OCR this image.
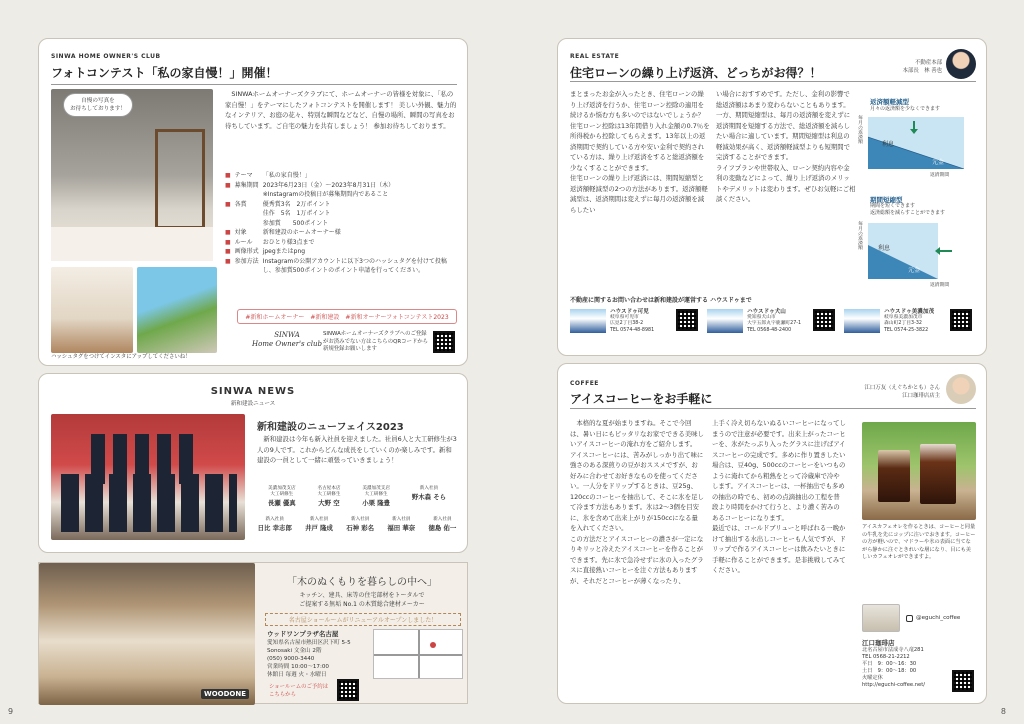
SINWA HOME OWNER'S CLUB
フォトコンテスト「私の家自慢！」開催！
自慢の写真を
お待ちしております！
ハッシュタグをつけてインスタにアップしてくださいね！
SINWAホームオーナーズクラブにて、ホームオーナーの皆様を対象に、「私の家自慢！」をテーマにしたフォトコンテストを開催します！ 美しい外観、魅力的なインテリア、お庭の花々、特別な瞬間などなど、自慢の場所、瞬間の写真をお待ちしています。ご自宅の魅力を共有しましょう！ 参加お待ちしております。
■	テーマ	「私の家自慢！」
■	募集期間	2023年6月23日（金）～2023年8月31日（木）
※Instagramの投稿日が募集期間内であること
■	各賞	優秀賞3名　2万ポイント
佳作　5名　1万ポイント
参加賞　　500ポイント
■	対象	新和建設のホームオーナー様
■	ルール	おひとり様3点まで
■	画像形式	jpegまたはpng
■	参加方法	Instagramの公開アカウントに以下3つのハッシュタグを付けて投稿し、参加賞500ポイントのポイント申請を行ってください。
#新和ホームオーナー　#新和建設　#新和オーナーフォトコンテスト2023
SINWA
Home Owner's club
SINWAホームオーナーズクラブへのご登録がお済みでない方はこちらのQRコードから新規登録お願いします
SINWA NEWS
新和建設ニュース
新和建設のニューフェイス2023
新和建設は今年も新入社員を迎えました。社員6人と大工研修生が3人の9人です。これからどんな成長をしていくのか楽しみです。新和建設の一員として一緒に頑張っていきましょう！
美濃加茂支店
大工研修生
長瀬 優真
名古屋本店
大工研修生
大野 空
美濃加茂支店
大工研修生
小栗 隆豊
新入社員
野木森 そら
新入社員
日比 幸志郎
新入社員
井戸 隆成
新入社員
石神 彩名
新入社員
福田 華奈
新入社員
徳島 佑一
WOODONE
「木のぬくもりを暮らしの中へ」
キッチン、建具、床等の住宅部材をトータルで
ご提案する無垢 No.1 の木質総合建材メーカー
名古屋ショールームがリニューアルオープンしました！
ウッドワンプラザ名古屋
愛知県名古屋市熱田区沢下町 5-5
Sonosaki 文金山 2階
(050) 9000-3440
営業時間 10:00～17:00
休館日 毎週 火・水曜日
ショールームのご予約は
こちらから
9
REAL ESTATE
住宅ローンの繰り上げ返済、どっちがお得？！
不動産本部
本部長　林 善也
まとまったお金が入ったとき、住宅ローンの繰り上げ返済を行うか、住宅ローン控除の適用を続けるか悩む方も多いのではないでしょうか？ 住宅ローン控除は13年間借り入れ金額の0.7％を所得税から控除してもらえます。13年以上の返済期間で契約している方や安い金利で契約されている方は、繰り上げ返済をすると総返済額を少なくすることができます。
住宅ローンの繰り上げ返済には、期間短縮型と返済額軽減型の2つの方法があります。返済額軽減型は、返済期間は変えずに毎月の返済額を減らしたい
い場合におすすめです。ただし、金利の影響で総返済額はあまり変わらないこともあります。
一方、期間短縮型は、毎月の返済額を変えずに返済期間を短縮する方法で、総返済額を減らしたい場合に適しています。期間短縮型は利息の軽減効果が高く、返済額軽減型よりも短期間で完済することができます。
ライフプランや世帯収入、ローン契約内容や金利の変動などによって、繰り上げ返済のメリットやデメリットは変わります。ぜひお気軽にご相談ください。
返済額軽減型
月々の返済額を少なくできます
毎月の返済額
利息
元金
返済期間
期間短縮型
期間を短くできます
返済総額を減らすことができます
毎月の返済額	利息
元金
返済期間
不動産に関するお問い合わせは新和建設が運営する ハウスドゥまで
ハウスドゥ可児
岐阜県可児市
広見2丁目38-2
TEL 0574-48-8981
ハウスドゥ犬山
愛知県犬山市
大字五郎丸字鹿瀬町27-1
TEL 0568-48-2400
ハウスドゥ美濃加茂
岐阜県美濃加茂市
森山町2丁目3-32
TEL 0574-25-3822
COFFEE
アイスコーヒーをお手軽に
江口万友（えぐちかとも）さん
江口珈琲店店主
本格的な夏が始まりますね。そこで今回は、暑い日にもピッタリなお家でできる美味しいアイスコーヒーの淹れ方をご紹介します。
アイスコーヒーには、苦みがしっかり出て味に強さのある深煎りの豆がおススメですが、お好みに合わせてお好きなものを使ってください。一人分をドリップするときは、豆25g、120ccのコーヒーを抽出して、そこに氷を足して冷ます方法もあります。氷は2～3個を目安に、氷を含めて出来上がりが150ccになる量を入れてください。
この方法だとアイスコーヒーの濃さが一定になりキリッと冷えたアイスコーヒーを作ることができます。先に氷で急冷せずに氷の入ったグラスに直接熱いコーヒーを注ぐ方法もありますが、それだとコーヒーが薄くなったり、
上手く冷え切らないぬるいコーヒーになってしまうので注意が必要です。出来上がったコーヒーを、氷がたっぷり入ったグラスに注げばアイスコーヒーの完成です。多めに作り置きしたい場合は、豆40g、500ccのコーヒーをいつものように淹れてから粗熱をとって冷蔵庫で冷やします。アイスコーヒーは、一杯抽出でも多めの抽出の時でも、初めの点滴抽出の工程を普段より時間をかけて行うと、より濃く苦みのあるコーヒーになります。
最近では、コールドブリューと呼ばれる一晩かけて抽出する水出しコーヒーも人気ですが、ドリップで作るアイスコーヒーは飲みたいときに手軽に作ることができます。是非挑戦してみてください。
アイスカフェオレを作るときは、コーヒーと同量の牛乳を先にコップに注いでおきます。コーヒーの方が軽いので、マドラーや氷の表面に当てながら静かに注ぐときれいな層になり、目にも美しいカフェオレができますよ。
@eguchi_coffee
江口珈琲店
北名古屋市法成寺八竜281
TEL 0568-21-2212
平日　9：00～16：30
土日　9：00～18：00
火曜定休
http://eguchi-coffee.net/
8
